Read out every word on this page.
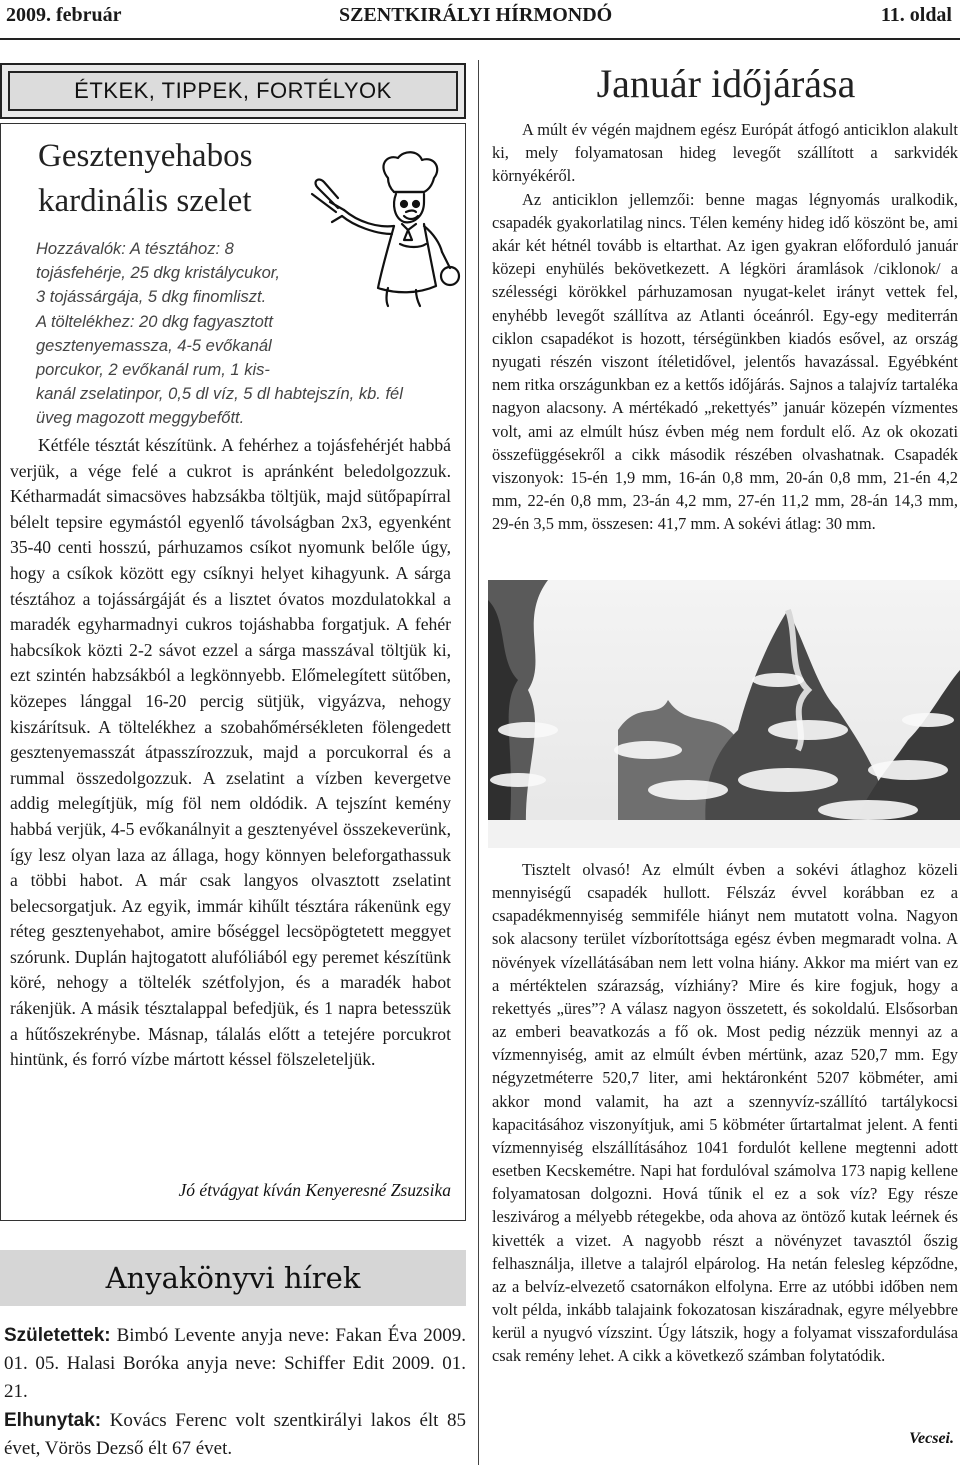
2009. február	SZENTKIRÁLYI HÍRMONDÓ	11. oldal
ÉTKEK, TIPPEK, FORTÉLYOK
Gesztenyehabos
kardinális szelet
Hozzávalók: A tésztához: 8
tojásfehérje, 25 dkg kristálycukor,
3 tojássárgája, 5 dkg finomliszt.
A töltelékhez: 20 dkg fagyasztott
gesztenyemassza, 4-5 evőkanál
porcukor, 2 evőkanál rum, 1 kis-
kanál zselatinpor, 0,5 dl víz, 5 dl habtejszín, kb. fél
üveg magozott meggybefőtt.

Kétféle tésztát készítünk. A fehérhez a tojásfehérjét habbá verjük, a vége felé a cukrot is apránként beledolgozzuk. Kétharmadát simacsöves habzsákba töltjük, majd sütőpapírral bélelt tepsire egymástól egyenlő távolságban 2x3, egyenként 35-40 centi hosszú, párhuzamos csíkot nyomunk belőle úgy, hogy a csíkok között egy csíknyi helyet kihagyunk. A sárga tésztához a tojássárgáját és a lisztet óvatos mozdulatokkal a maradék egyharmadnyi cukros tojáshabba forgatjuk. A fehér habcsíkok közti 2-2 sávot ezzel a sárga masszával töltjük ki, ezt szintén habzsákból a legkönnyebb. Előmelegített sütőben, közepes lánggal 16-20 percig sütjük, vigyázva, nehogy kiszárítsuk. A töltelékhez a szobahőmérsékleten fölengedett gesztenyemasszát átpasszírozzuk, majd a porcukorral és a rummal összedolgozzuk. A zselatint a vízben kevergetve addig melegítjük, míg föl nem oldódik. A tejszínt kemény habbá verjük, 4-5 evőkanálnyit a gesztenyével összekeverünk, így lesz olyan laza az állaga, hogy könnyen beleforgathassuk a többi habot. A már csak langyos olvasztott zselatint belecsorgatjuk. Az egyik, immár kihűlt tésztára rákenünk egy réteg gesztenyehabot, amire bőséggel lecsöpögtetett meggyet szórunk. Duplán hajtogatott alufóliából egy peremet készítünk köré, nehogy a töltelék szétfolyjon, és a maradék habot rákenjük. A másik tésztalappal befedjük, és 1 napra betesszük a hűtőszekrénybe. Másnap, tálalás előtt a tetejére porcukrot hintünk, és forró vízbe mártott késsel fölszeleteljük.

Jó étvágyat kíván Kenyeresné Zsuzsika
Anyakönyvi hírek
Születettek: Bimbó Levente anyja neve: Fakan Éva 2009. 01. 05. Halasi Boróka anyja neve: Schiffer Edit 2009. 01. 21.
Elhunytak: Kovács Ferenc volt szentkirályi lakos élt 85 évet, Vörös Dezső élt 67 évet.
Január időjárása

A múlt év végén majdnem egész Európát átfogó anticiklon alakult ki, mely folyamatosan hideg levegőt szállított a sarkvidék környékéről.

Az anticiklon jellemzői: benne magas légnyomás uralkodik, csapadék gyakorlatilag nincs. Télen kemény hideg idő köszönt be, ami akár két hétnél tovább is eltarthat. Az igen gyakran előforduló január közepi enyhülés bekövetkezett. A légköri áramlások /ciklonok/ a szélességi körökkel párhuzamosan nyugat-kelet irányt vettek fel, enyhébb levegőt szállítva az Atlanti óceánról. Egy-egy mediterrán ciklon csapadékot is hozott, térségünkben kiadós esővel, az ország nyugati részén viszont ítéletidővel, jelentős havazással. Egyébként nem ritka országunkban ez a kettős időjárás. Sajnos a talajvíz tartaléka nagyon alacsony. A mértékadó „rekettyés” január közepén vízmentes volt, ami az elmúlt húsz évben még nem fordult elő. Az ok okozati összefüggésekről a cikk második részében olvashatnak. Csapadék viszonyok: 15-én 1,9 mm, 16-án 0,8 mm, 20-án 0,8 mm, 21-én 4,2 mm, 22-én 0,8 mm, 23-án 4,2 mm, 27-én 11,2 mm, 28-án 14,3 mm, 29-én 3,5 mm, összesen: 41,7 mm. A sokévi átlag: 30 mm.

Tisztelt olvasó! Az elmúlt évben a sokévi átlaghoz közeli mennyiségű csapadék hullott. Félszáz évvel korábban ez a csapadékmennyiség semmiféle hiányt nem mutatott volna. Nagyon sok alacsony terület vízborítottsága egész évben megmaradt volna. A növények vízellátásában nem lett volna hiány. Akkor ma miért van ez a mértéktelen szárazság, vízhiány? Mire és kire fogjuk, hogy a rekettyés „üres”? A válasz nagyon összetett, és sokoldalú. Elsősorban az emberi beavatkozás a fő ok. Most pedig nézzük mennyi az a vízmennyiség, amit az elmúlt évben mértünk, azaz 520,7 mm. Egy négyzetméterre 520,7 liter, ami hektáronként 5207 köbméter, ami akkor mond valamit, ha azt a szennyvíz-szállító tartálykocsi kapacitásához viszonyítjuk, ami 5 köbméter űrtartalmat jelent. A fenti vízmennyiség elszállításához 1041 fordulót kellene megtenni adott esetben Kecskemétre. Napi hat fordulóval számolva 173 napig kellene folyamatosan dolgozni. Hová tűnik el ez a sok víz? Egy része leszivárog a mélyebb rétegekbe, oda ahova az öntöző kutak leérnek és kivették a vizet. A nagyobb részt a növényzet tavasztól őszig felhasználja, illetve a talajról elpárolog. Ha netán felesleg képződne, az a belvíz-elvezető csatornákon elfolyna. Erre az utóbbi időben nem volt példa, inkább talajaink fokozatosan kiszáradnak, egyre mélyebbre kerül a nyugvó vízszint. Úgy látszik, hogy a folyamat visszafordulása csak remény lehet. A cikk a következő számban folytatódik.

Vecsei.
